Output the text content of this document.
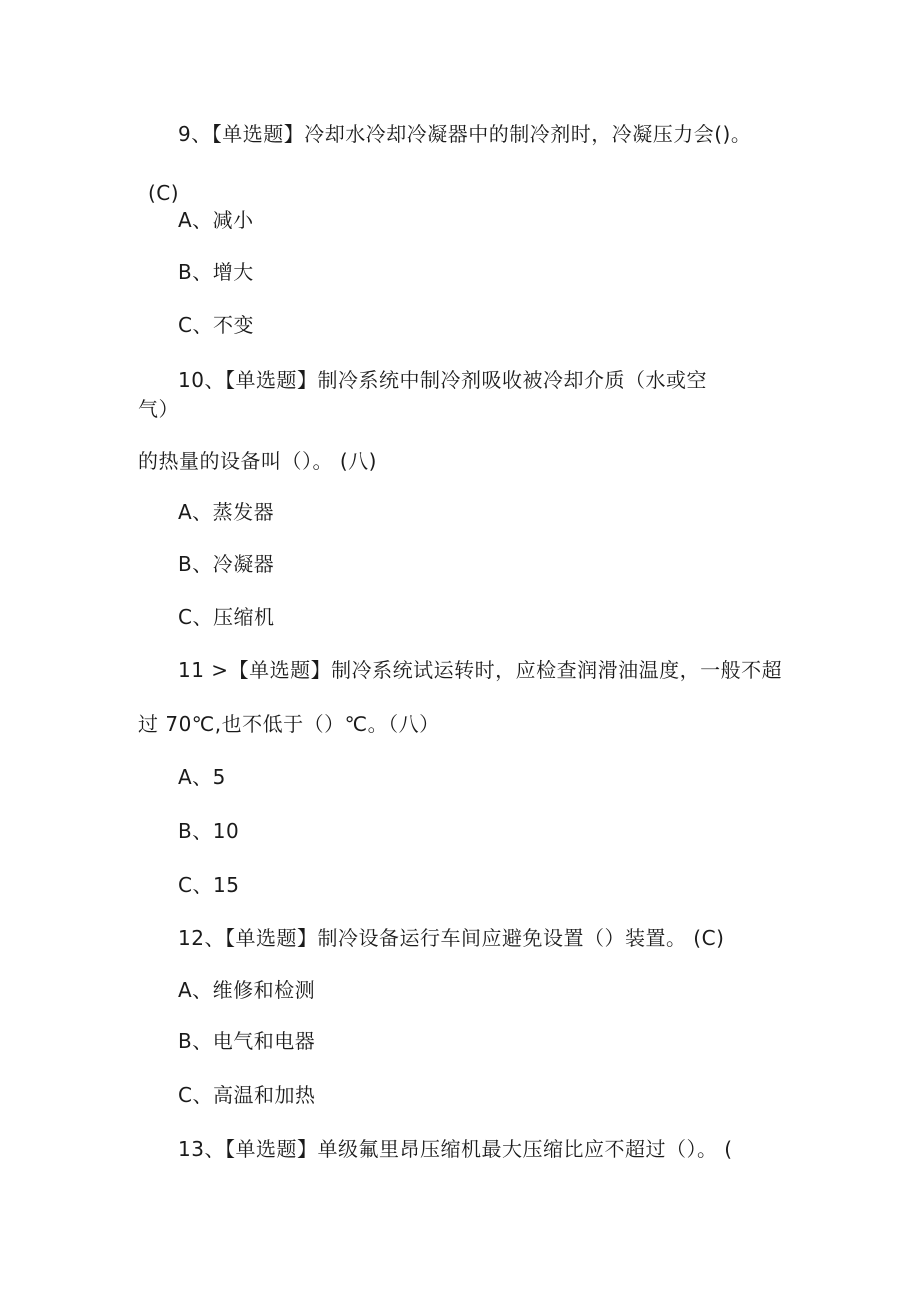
9、【单选题】冷却水冷却冷凝器中的制冷剂时，冷凝压力会()。
(C)
A、减小
B、增大
C、不变
10、【单选题】制冷系统中制冷剂吸收被冷却介质（水或空
气）
的热量的设备叫（）。 (八)
A、蒸发器
B、冷凝器
C、压缩机
11 >【单选题】制冷系统试运转时，应检查润滑油温度，一般不超
过 70℃,也不低于（）℃。（八）
A、5
B、10
C、15
12、【单选题】制冷设备运行车间应避免设置（）装置。 (C)
A、维修和检测
B、电气和电器
C、高温和加热
13、【单选题】单级氟里昂压缩机最大压缩比应不超过（）。 (
